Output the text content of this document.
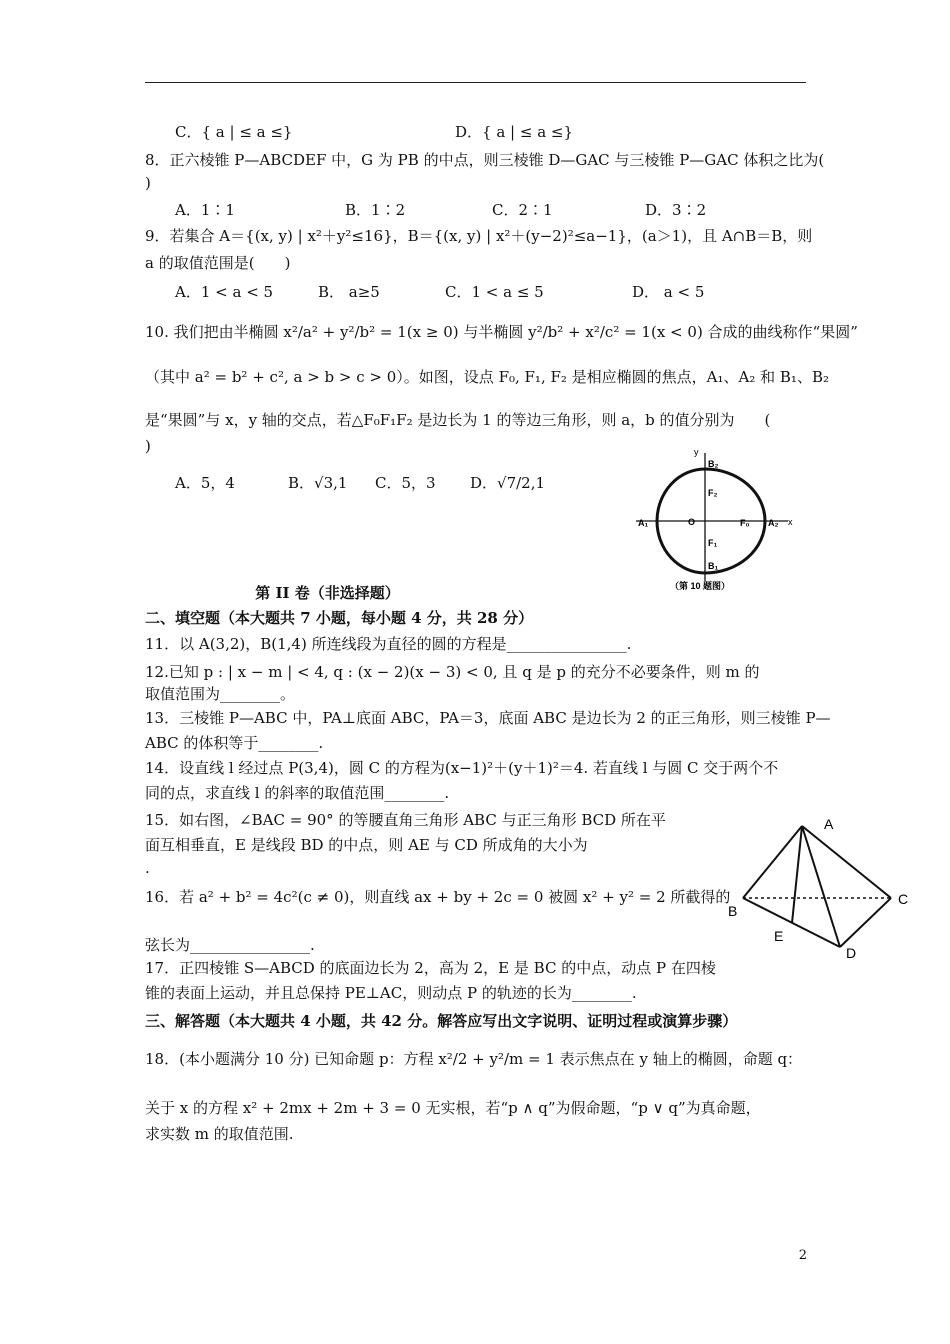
C．{ a | ≤ a ≤}	D．{ a | ≤ a ≤}
8．正六棱锥 P—ABCDEF 中，G 为 PB 的中点，则三棱锥 D—GAC 与三棱锥 P—GAC 体积之比为(
)
A．1∶1	B．1∶2	C．2∶1	D．3∶2
9．若集合 A＝{(x, y) | x²＋y²≤16}，B＝{(x, y) | x²＋(y−2)²≤a−1}，(a＞1)，且 A∩B＝B，则
a 的取值范围是(　　)
A．1 < a < 5	B． a≥5	C．1 < a ≤ 5	D． a < 5
10. 我们把由半椭圆 x²/a² + y²/b² = 1(x ≥ 0) 与半椭圆 y²/b² + x²/c² = 1(x < 0) 合成的曲线称作“果圆”
（其中 a² = b² + c², a > b > c > 0）。如图，设点 F₀, F₁, F₂ 是相应椭圆的焦点，A₁、A₂ 和 B₁、B₂
是“果圆”与 x，y 轴的交点，若△F₀F₁F₂ 是边长为 1 的等边三角形，则 a，b 的值分别为　　(
)
A．5，4	B．√3,1 C．5，3 D．√7/2,1
x
y
O
A₁	A₂
B₂
B₁
F₂
F₁
F₀
（第 10 题图）
第 II 卷（非选择题）
二、填空题（本大题共 7 小题，每小题 4 分，共 28 分）
11．以 A(3,2)，B(1,4) 所连线段为直径的圆的方程是________________.
12.已知 p : | x − m | < 4, q : (x − 2)(x − 3) < 0, 且 q 是 p 的充分不必要条件，则 m 的
取值范围为________。
13．三棱锥 P—ABC 中，PA⊥底面 ABC，PA＝3，底面 ABC 是边长为 2 的正三角形，则三棱锥 P—
ABC 的体积等于________.
14．设直线 l 经过点 P(3,4)，圆 C 的方程为(x−1)²＋(y＋1)²＝4. 若直线 l 与圆 C 交于两个不
同的点，求直线 l 的斜率的取值范围________.
15．如右图，∠BAC = 90° 的等腰直角三角形 ABC 与正三角形 BCD 所在平
面互相垂直，E 是线段 BD 的中点，则 AE 与 CD 所成角的大小为
.
16．若 a² + b² = 4c²(c ≠ 0)，则直线 ax + by + 2c = 0 被圆 x² + y² = 2 所截得的
弦长为________________.
17．正四棱锥 S—ABCD 的底面边长为 2，高为 2，E 是 BC 的中点，动点 P 在四棱
锥的表面上运动，并且总保持 PE⊥AC，则动点 P 的轨迹的长为________.
A
B
C
D
E
三、解答题（本大题共 4 小题，共 42 分。解答应写出文字说明、证明过程或演算步骤）
18．(本小题满分 10 分) 已知命题 p：方程 x²/2 + y²/m = 1 表示焦点在 y 轴上的椭圆，命题 q：
关于 x 的方程 x² + 2mx + 2m + 3 = 0 无实根，若“p ∧ q”为假命题，“p ∨ q”为真命题，
求实数 m 的取值范围.
2
